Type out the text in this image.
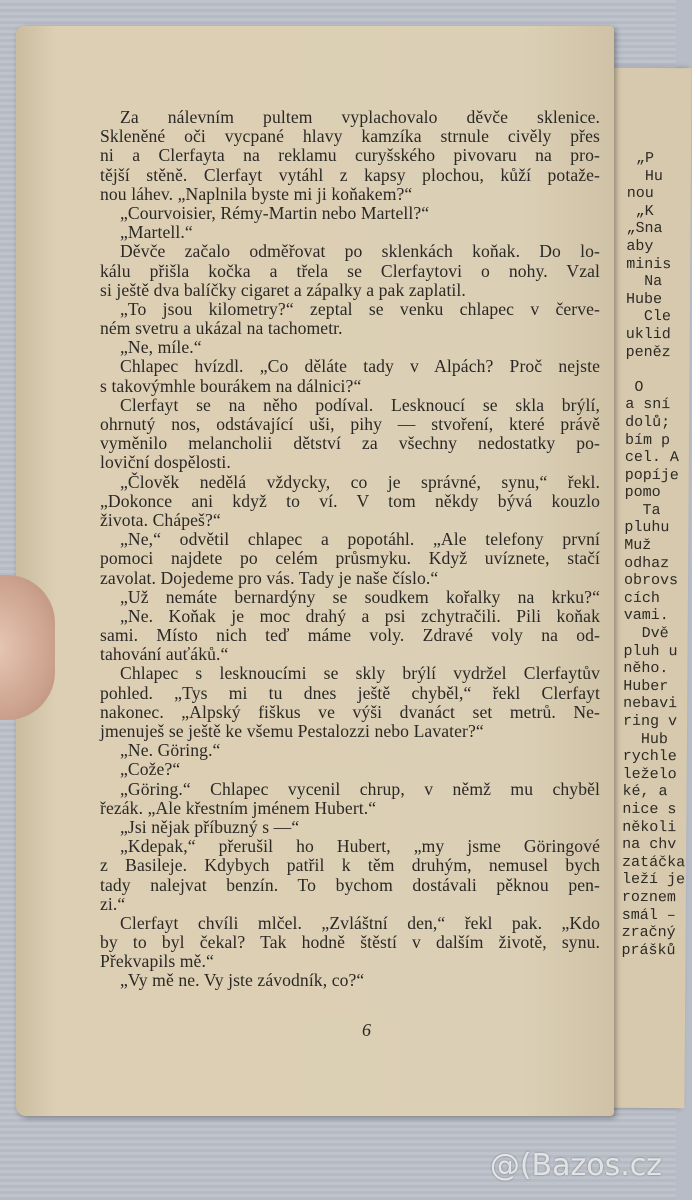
„P
Hu
nou
„K
„Sna
aby
minis
Na
Hube
Cle
uklid
peněz
O
a sní
dolů;
bím p
cel. A
popíje
pomo
Ta
pluhu
Muž
odhaz
obrovs
cích
vami.
Dvě
pluh u
něho.
Huber
nebavi
ring v
Hub
rychle
leželo
ké, a
nice s
několi
na chv
zatáčka
leží je
roznem
smál –
zračný
prášků
Za nálevním pultem vyplachovalo děvče sklenice.
Skleněné oči vycpané hlavy kamzíka strnule civěly přes
ni a Clerfayta na reklamu curyšského pivovaru na pro-
tější stěně. Clerfayt vytáhl z kapsy plochou, kůží potaže-
nou láhev. „Naplnila byste mi ji koňakem?“
„Courvoisier, Rémy-Martin nebo Martell?“
„Martell.“
Děvče začalo odměřovat po sklenkách koňak. Do lo-
kálu přišla kočka a třela se Clerfaytovi o nohy. Vzal
si ještě dva balíčky cigaret a zápalky a pak zaplatil.
„To jsou kilometry?“ zeptal se venku chlapec v červe-
ném svetru a ukázal na tachometr.
„Ne, míle.“
Chlapec hvízdl. „Co děláte tady v Alpách? Proč nejste
s takovýmhle bourákem na dálnici?“
Clerfayt se na něho podíval. Lesknoucí se skla brýlí,
ohrnutý nos, odstávající uši, pihy — stvoření, které právě
vyměnilo melancholii dětství za všechny nedostatky po-
loviční dospělosti.
„Člověk nedělá vždycky, co je správné, synu,“ řekl.
„Dokonce ani když to ví. V tom někdy bývá kouzlo
života. Chápeš?“
„Ne,“ odvětil chlapec a popotáhl. „Ale telefony první
pomoci najdete po celém průsmyku. Když uvíznete, stačí
zavolat. Dojedeme pro vás. Tady je naše číslo.“
„Už nemáte bernardýny se soudkem kořalky na krku?“
„Ne. Koňak je moc drahý a psi zchytračili. Pili koňak
sami. Místo nich teď máme voly. Zdravé voly na od-
tahování auťáků.“
Chlapec s lesknoucími se skly brýlí vydržel Clerfaytův
pohled. „Tys mi tu dnes ještě chyběl,“ řekl Clerfayt
nakonec. „Alpský fiškus ve výši dvanáct set metrů. Ne-
jmenuješ se ještě ke všemu Pestalozzi nebo Lavater?“
„Ne. Göring.“
„Cože?“
„Göring.“ Chlapec vycenil chrup, v němž mu chyběl
řezák. „Ale křestním jménem Hubert.“
„Jsi nějak příbuzný s —“
„Kdepak,“ přerušil ho Hubert, „my jsme Göringové
z Basileje. Kdybych patřil k těm druhým, nemusel bych
tady nalejvat benzín. To bychom dostávali pěknou pen-
zi.“
Clerfayt chvíli mlčel. „Zvláštní den,“ řekl pak. „Kdo
by to byl čekal? Tak hodně štěstí v dalším životě, synu.
Překvapils mě.“
„Vy mě ne. Vy jste závodník, co?“
6
@(Bazos.cz
